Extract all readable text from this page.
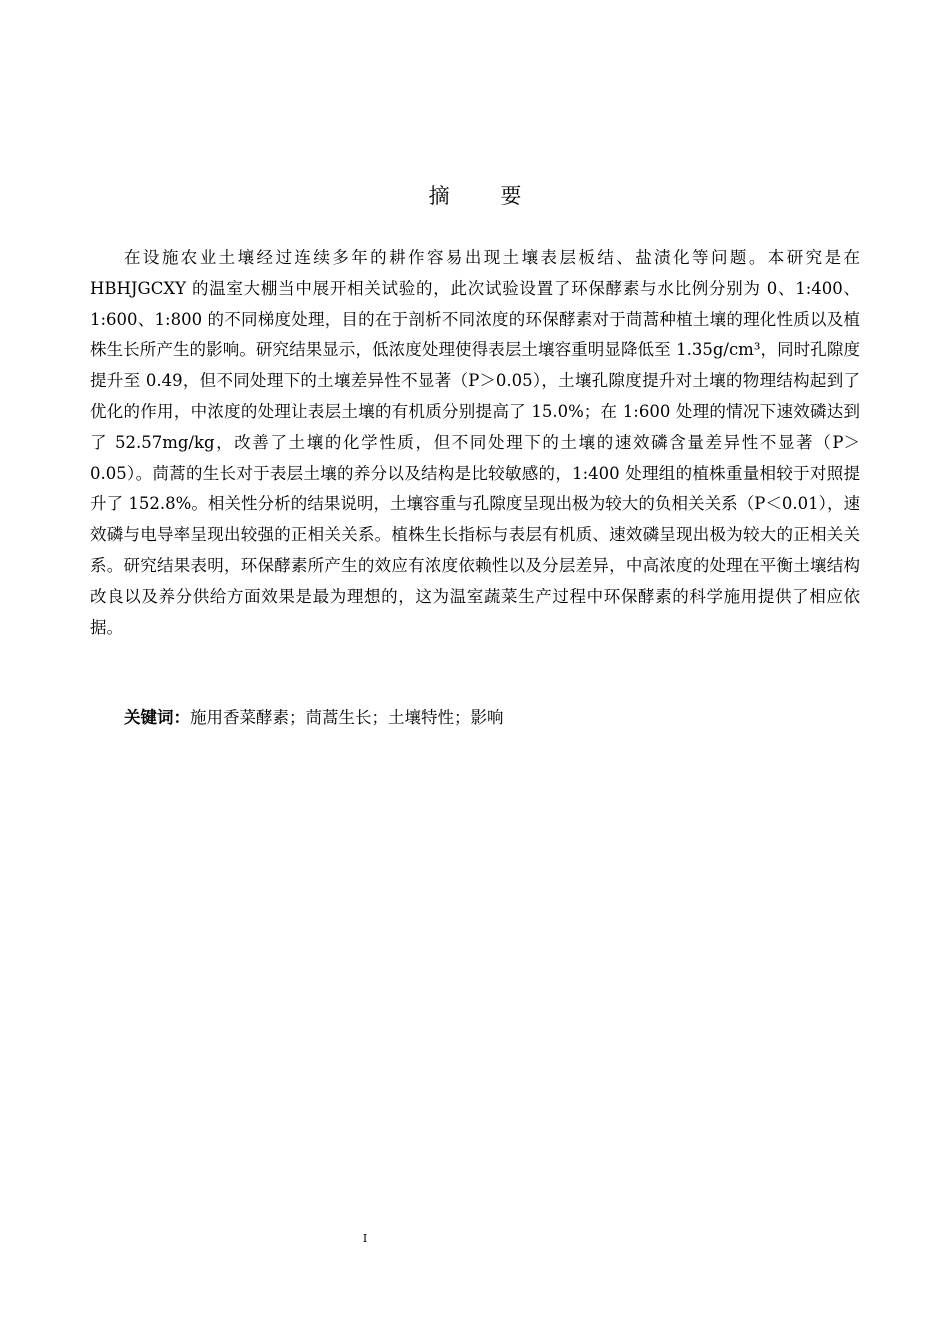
摘 要

在设施农业土壤经过连续多年的耕作容易出现土壤表层板结、盐渍化等问题。本研究是在 HBHJGCXY 的温室大棚当中展开相关试验的，此次试验设置了环保酵素与水比例分别为 0、1:400、1:600、1:800 的不同梯度处理，目的在于剖析不同浓度的环保酵素对于茼蒿种植土壤的理化性质以及植株生长所产生的影响。研究结果显示，低浓度处理使得表层土壤容重明显降低至 1.35g/cm³，同时孔隙度提升至 0.49，但不同处理下的土壤差异性不显著（P＞0.05），土壤孔隙度提升对土壤的物理结构起到了优化的作用，中浓度的处理让表层土壤的有机质分别提高了 15.0%；在 1:600 处理的情况下速效磷达到了 52.57mg/kg，改善了土壤的化学性质，但不同处理下的土壤的速效磷含量差异性不显著（P＞0.05）。茼蒿的生长对于表层土壤的养分以及结构是比较敏感的，1:400 处理组的植株重量相较于对照提升了 152.8%。相关性分析的结果说明，土壤容重与孔隙度呈现出极为较大的负相关关系（P＜0.01），速效磷与电导率呈现出较强的正相关关系。植株生长指标与表层有机质、速效磷呈现出极为较大的正相关关系。研究结果表明，环保酵素所产生的效应有浓度依赖性以及分层差异，中高浓度的处理在平衡土壤结构改良以及养分供给方面效果是最为理想的，这为温室蔬菜生产过程中环保酵素的科学施用提供了相应依据。

关键词：施用香菜酵素；茼蒿生长；土壤特性；影响

I
